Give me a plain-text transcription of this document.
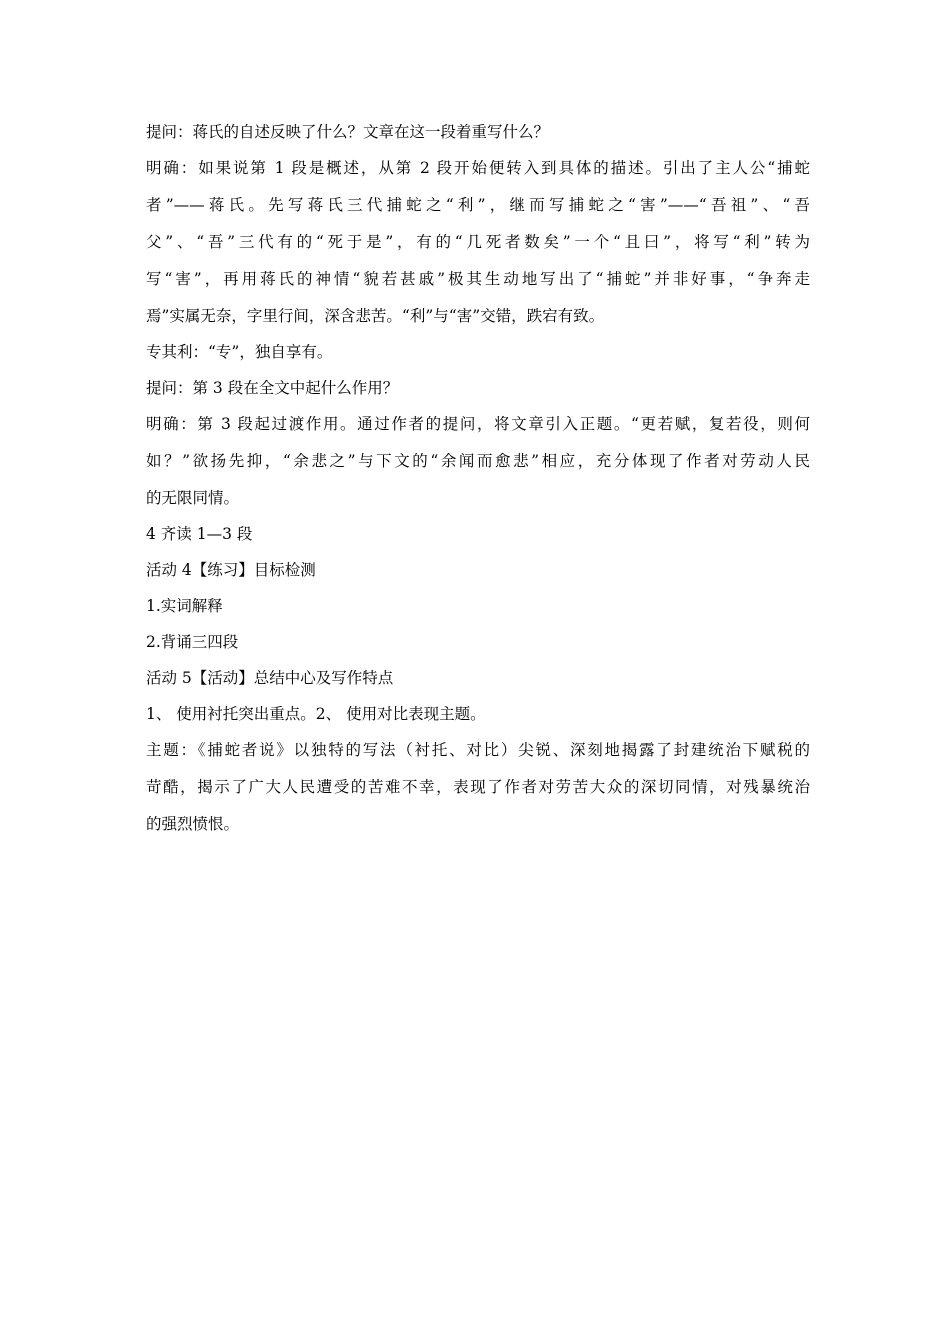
提问：蒋氏的自述反映了什么？文章在这一段着重写什么？
明确：如果说第 1 段是概述，从第 2 段开始便转入到具体的描述。引出了主人公“捕蛇
者”——蒋氏。先写蒋氏三代捕蛇之“利”，继而写捕蛇之“害”——“吾祖”、“吾
父”、“吾”三代有的“死于是”，有的“几死者数矣”一个“且曰”，将写“利”转为
写“害”，再用蒋氏的神情“貌若甚戚”极其生动地写出了“捕蛇”并非好事，“争奔走
焉”实属无奈，字里行间，深含悲苦。“利”与“害”交错，跌宕有致。
专其利：“专”，独自享有。
提问：第 3 段在全文中起什么作用？
明确：第 3 段起过渡作用。通过作者的提问，将文章引入正题。“更若赋，复若役，则何
如？”欲扬先抑，“余悲之”与下文的“余闻而愈悲”相应，充分体现了作者对劳动人民
的无限同情。
4 齐读 1—3 段
活动 4【练习】目标检测
1.实词解释
2.背诵三四段
活动 5【活动】总结中心及写作特点
1、 使用衬托突出重点。2、 使用对比表现主题。
主题：《捕蛇者说》以独特的写法（衬托、对比）尖锐、深刻地揭露了封建统治下赋税的
苛酷，揭示了广大人民遭受的苦难不幸，表现了作者对劳苦大众的深切同情，对残暴统治
的强烈愤恨。
